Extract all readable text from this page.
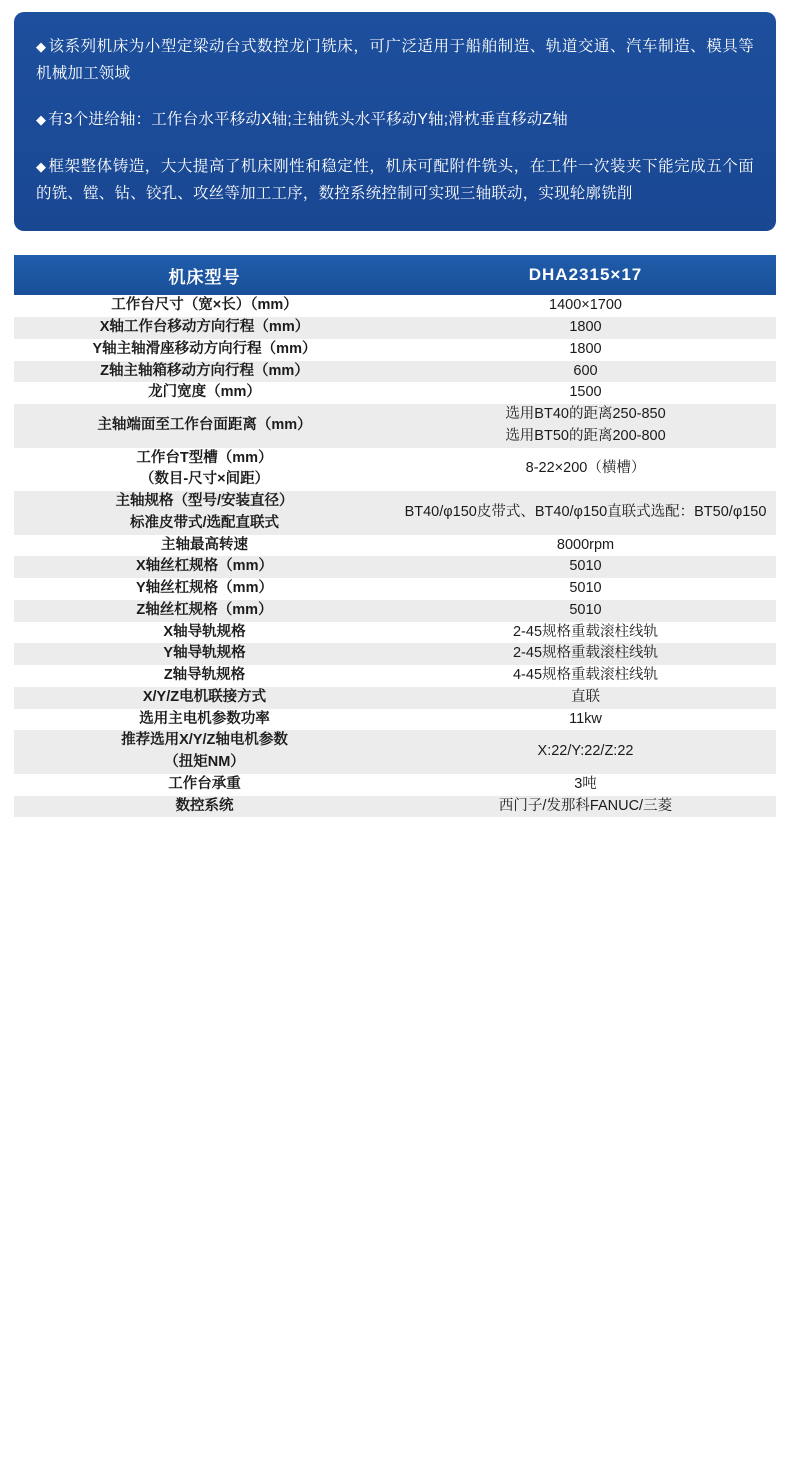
◆ 该系列机床为小型定梁动台式数控龙门铣床，可广泛适用于船舶制造、轨道交通、汽车制造、模具等机械加工领域

◆ 有3个进给轴：工作台水平移动X轴;主轴铣头水平移动Y轴;滑枕垂直移动Z轴

◆ 框架整体铸造，大大提高了机床刚性和稳定性，机床可配附件铣头，在工件一次装夹下能完成五个面的铣、镗、钻、铰孔、攻丝等加工工序，数控系统控制可实现三轴联动，实现轮廓铣削

机床型号	DHA2315×17
工作台尺寸（宽×长）（mm）	1400×1700
X轴工作台移动方向行程（mm）	1800
Y轴主轴滑座移动方向行程（mm）	1800
Z轴主轴箱移动方向行程（mm）	600
龙门宽度（mm）	1500
主轴端面至工作台面距离（mm）	选用BT40的距离250-850
选用BT50的距离200-800

工作台T型槽（mm）
（数目-尺寸×间距）	8-22×200（横槽）

主轴规格（型号/安装直径）
标准皮带式/选配直联式	BT40/φ150皮带式、BT40/φ150直联式选配：BT50/φ150
主轴最高转速	8000rpm
X轴丝杠规格（mm）	5010
Y轴丝杠规格（mm）	5010
Z轴丝杠规格（mm）	5010
X轴导轨规格	2-45规格重载滚柱线轨
Y轴导轨规格	2-45规格重载滚柱线轨
Z轴导轨规格	4-45规格重载滚柱线轨
X/Y/Z电机联接方式	直联
选用主电机参数功率	11kw

推荐选用X/Y/Z轴电机参数
（扭矩NM）	X:22/Y:22/Z:22
工作台承重	3吨
数控系统	西门子/发那科FANUC/三菱
